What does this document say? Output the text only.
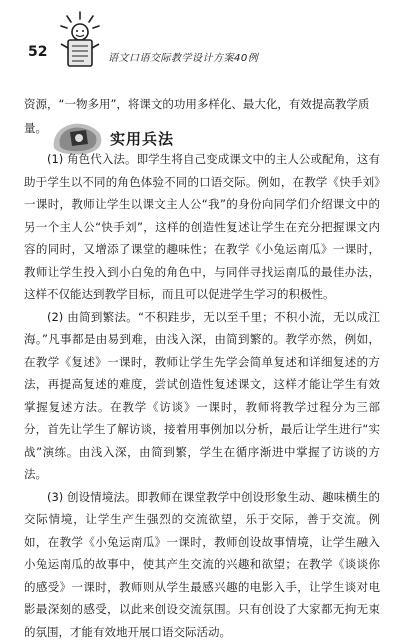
52	语文口语交际教学设计方案40例

资源，“一物多用”，将课文的功用多样化、最大化，有效提高教学质量。

实用兵法

(1) 角色代入法。即学生将自己变成课文中的主人公或配角，这有助于学生以不同的角色体验不同的口语交际。例如，在教学《快手刘》一课时，教师让学生以课文主人公“我”的身份向同学们介绍课文中的另一个主人公“快手刘”，这样的创造性复述让学生在充分把握课文内容的同时，又增添了课堂的趣味性；在教学《小兔运南瓜》一课时，教师让学生投入到小白兔的角色中，与同伴寻找运南瓜的最佳办法，这样不仅能达到教学目标，而且可以促进学生学习的积极性。

(2) 由简到繁法。“不积跬步，无以至千里；不积小流，无以成江海。”凡事都是由易到难，由浅入深，由简到繁的。教学亦然，例如，在教学《复述》一课时，教师让学生先学会简单复述和详细复述的方法，再提高复述的难度，尝试创造性复述课文，这样才能让学生有效掌握复述方法。在教学《访谈》一课时，教师将教学过程分为三部分，首先让学生了解访谈，接着用事例加以分析，最后让学生进行“实战”演练。由浅入深，由简到繁，学生在循序渐进中掌握了访谈的方法。

(3) 创设情境法。即教师在课堂教学中创设形象生动、趣味横生的交际情境，让学生产生强烈的交流欲望，乐于交际，善于交流。例如，在教学《小兔运南瓜》一课时，教师创设故事情境，让学生融入小兔运南瓜的故事中，使其产生交流的兴趣和欲望；在教学《谈谈你的感受》一课时，教师则从学生最感兴趣的电影入手，让学生谈对电影最深刻的感受，以此来创设交流氛围。只有创设了大家都无拘无束的氛围，才能有效地开展口语交际活动。
